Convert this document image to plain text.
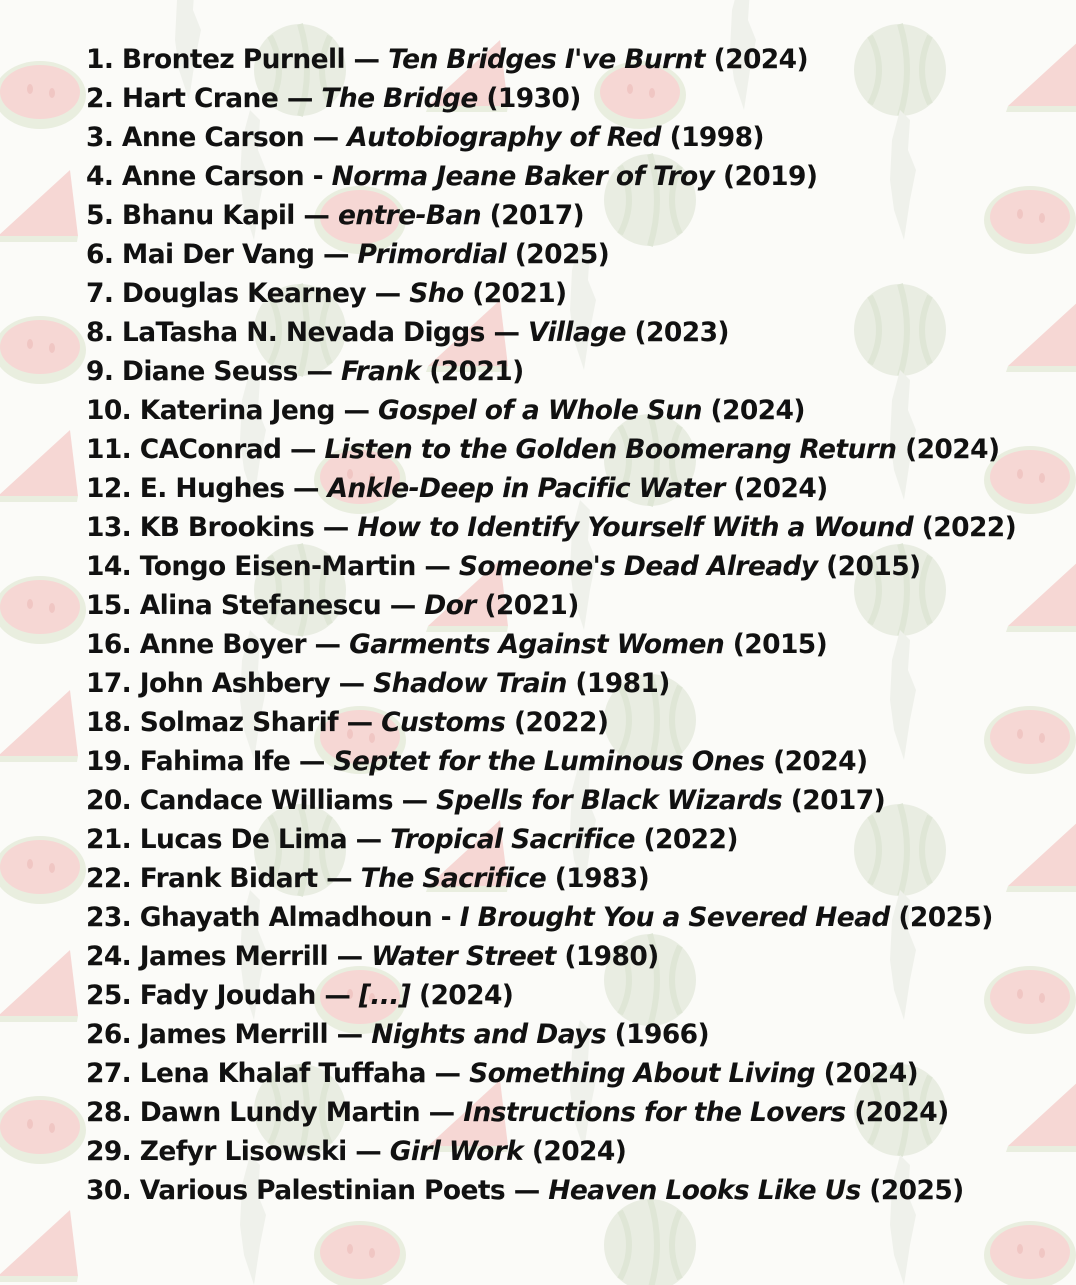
1. Brontez Purnell — Ten Bridges I've Burnt (2024)
2. Hart Crane — The Bridge (1930)
3. Anne Carson — Autobiography of Red (1998)
4. Anne Carson - Norma Jeane Baker of Troy (2019)
5. Bhanu Kapil — entre-Ban (2017)
6. Mai Der Vang — Primordial (2025)
7. Douglas Kearney — Sho (2021)
8. LaTasha N. Nevada Diggs — Village (2023)
9. Diane Seuss — Frank (2021)
10. Katerina Jeng — Gospel of a Whole Sun (2024)
11. CAConrad — Listen to the Golden Boomerang Return (2024)
12. E. Hughes — Ankle-Deep in Pacific Water (2024)
13. KB Brookins — How to Identify Yourself With a Wound (2022)
14. Tongo Eisen-Martin — Someone's Dead Already (2015)
15. Alina Stefanescu — Dor (2021)
16. Anne Boyer — Garments Against Women (2015)
17. John Ashbery — Shadow Train (1981)
18. Solmaz Sharif — Customs (2022)
19. Fahima Ife — Septet for the Luminous Ones (2024)
20. Candace Williams — Spells for Black Wizards (2017)
21. Lucas De Lima — Tropical Sacrifice (2022)
22. Frank Bidart — The Sacrifice (1983)
23. Ghayath Almadhoun - I Brought You a Severed Head (2025)
24. James Merrill — Water Street (1980)
25. Fady Joudah — [...] (2024)
26. James Merrill — Nights and Days (1966)
27. Lena Khalaf Tuffaha — Something About Living (2024)
28. Dawn Lundy Martin — Instructions for the Lovers (2024)
29. Zefyr Lisowski — Girl Work (2024)
30. Various Palestinian Poets — Heaven Looks Like Us (2025)
